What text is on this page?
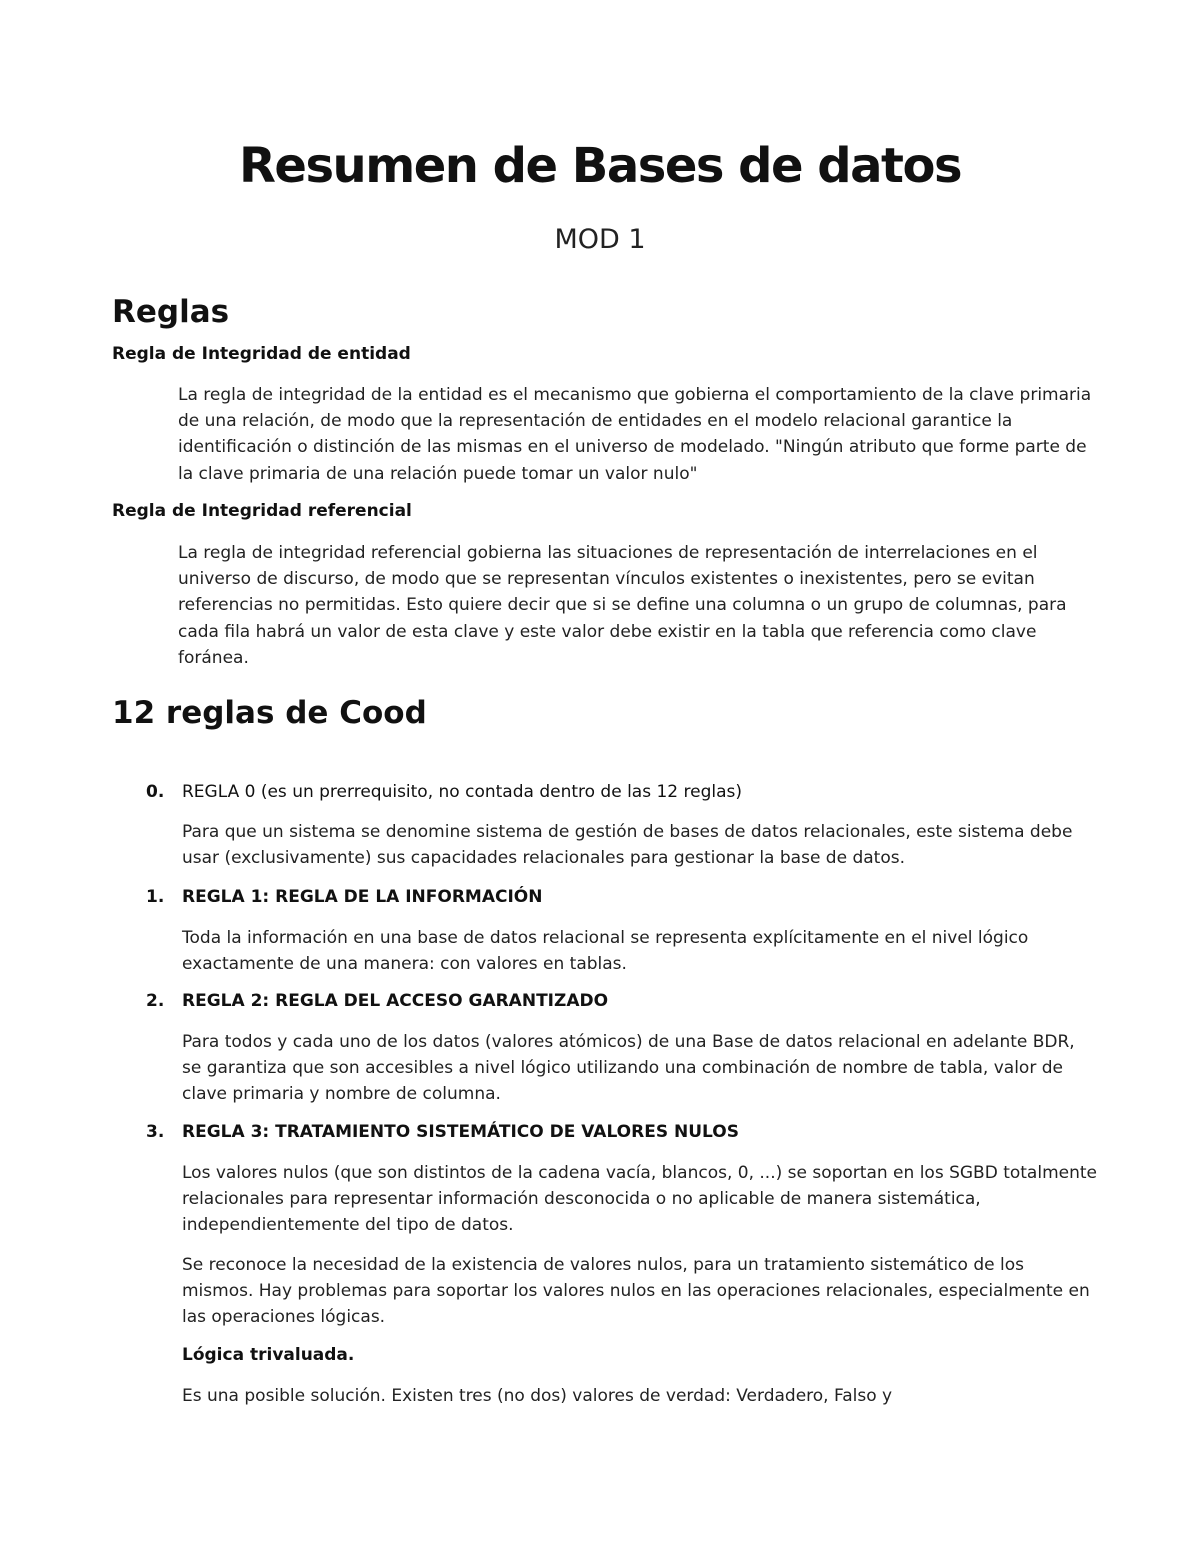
Resumen de Bases de datos
MOD 1
Reglas
Regla de Integridad de entidad
La regla de integridad de la entidad es el mecanismo que gobierna el comportamiento de la clave primaria de una relación, de modo que la representación de entidades en el modelo relacional garantice la identificación o distinción de las mismas en el universo de modelado. "Ningún atributo que forme parte de la clave primaria de una relación puede tomar un valor nulo"
Regla de Integridad referencial
La regla de integridad referencial gobierna las situaciones de representación de interrelaciones en el universo de discurso, de modo que se representan vínculos existentes o inexistentes, pero se evitan referencias no permitidas. Esto quiere decir que si se define una columna o un grupo de columnas, para cada fila habrá un valor de esta clave y este valor debe existir en la tabla que referencia como clave foránea.
12 reglas de Cood
0. REGLA 0 (es un prerrequisito, no contada dentro de las 12 reglas)
Para que un sistema se denomine sistema de gestión de bases de datos relacionales, este sistema debe usar (exclusivamente) sus capacidades relacionales para gestionar la base de datos.
1. REGLA 1: REGLA DE LA INFORMACIÓN
Toda la información en una base de datos relacional se representa explícitamente en el nivel lógico exactamente de una manera: con valores en tablas.
2. REGLA 2: REGLA DEL ACCESO GARANTIZADO
Para todos y cada uno de los datos (valores atómicos) de una Base de datos relacional en adelante BDR, se garantiza que son accesibles a nivel lógico utilizando una combinación de nombre de tabla, valor de clave primaria y nombre de columna.
3. REGLA 3: TRATAMIENTO SISTEMÁTICO DE VALORES NULOS
Los valores nulos (que son distintos de la cadena vacía, blancos, 0, ...) se soportan en los SGBD totalmente relacionales para representar información desconocida o no aplicable de manera sistemática, independientemente del tipo de datos.
Se reconoce la necesidad de la existencia de valores nulos, para un tratamiento sistemático de los mismos. Hay problemas para soportar los valores nulos en las operaciones relacionales, especialmente en las operaciones lógicas.
Lógica trivaluada.
Es una posible solución. Existen tres (no dos) valores de verdad: Verdadero, Falso y
